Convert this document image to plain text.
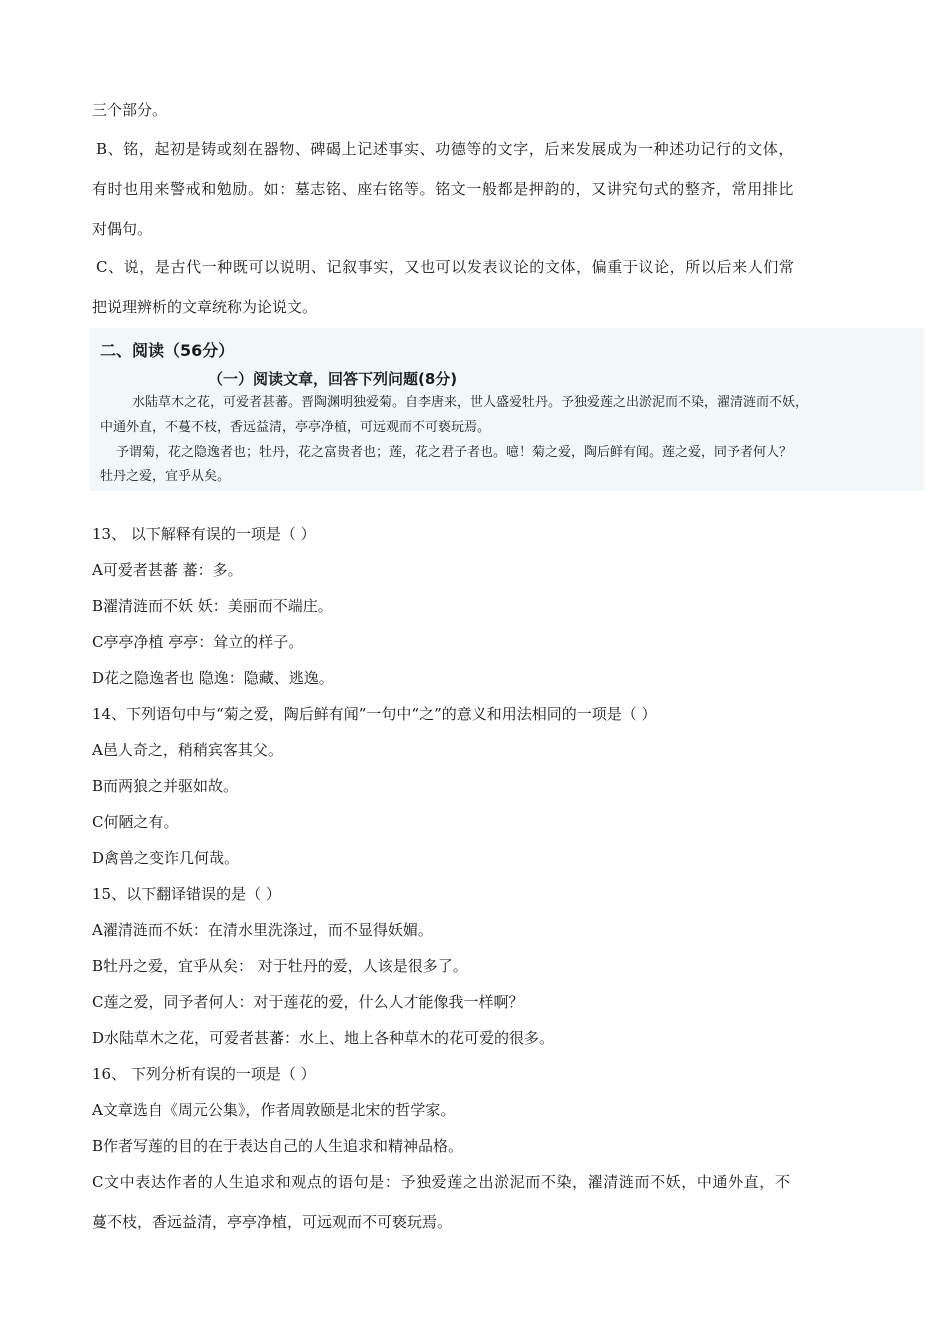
三个部分。
B、铭，起初是铸或刻在器物、碑碣上记述事实、功德等的文字，后来发展成为一种述功记行的文体，
有时也用来警戒和勉励。如：墓志铭、座右铭等。铭文一般都是押韵的，又讲究句式的整齐，常用排比
对偶句。
C、说，是古代一种既可以说明、记叙事实，又也可以发表议论的文体，偏重于议论，所以后来人们常
把说理辨析的文章统称为论说文。
二、阅读（56分）
（一）阅读文章，回答下列问题(8分)
水陆草木之花，可爱者甚蕃。晋陶渊明独爱菊。自李唐来，世人盛爱牡丹。予独爱莲之出淤泥而不染，濯清涟而不妖，
中通外直，不蔓不枝，香远益清，亭亭净植，可远观而不可亵玩焉。
予谓菊，花之隐逸者也；牡丹，花之富贵者也；莲，花之君子者也。噫！菊之爱，陶后鲜有闻。莲之爱，同予者何人？
牡丹之爱，宜乎从矣。
13、 以下解释有误的一项是（ ）
A可爱者甚蕃 蕃：多。
B濯清涟而不妖 妖：美丽而不端庄。
C亭亭净植 亭亭：耸立的样子。
D花之隐逸者也 隐逸：隐藏、逃逸。
14、下列语句中与“菊之爱，陶后鲜有闻”一句中“之”的意义和用法相同的一项是（ ）
A邑人奇之，稍稍宾客其父。
B而两狼之并驱如故。
C何陋之有。
D禽兽之变诈几何哉。
15、以下翻译错误的是（ ）
A濯清涟而不妖：在清水里洗涤过，而不显得妖媚。
B牡丹之爱，宜乎从矣： 对于牡丹的爱，人该是很多了。
C莲之爱，同予者何人：对于莲花的爱，什么人才能像我一样啊？
D水陆草木之花，可爱者甚蕃：水上、地上各种草木的花可爱的很多。
16、 下列分析有误的一项是（ ）
A文章选自《周元公集》，作者周敦颐是北宋的哲学家。
B作者写莲的目的在于表达自己的人生追求和精神品格。
C文中表达作者的人生追求和观点的语句是：予独爱莲之出淤泥而不染，濯清涟而不妖，中通外直，不
蔓不枝，香远益清，亭亭净植，可远观而不可亵玩焉。
